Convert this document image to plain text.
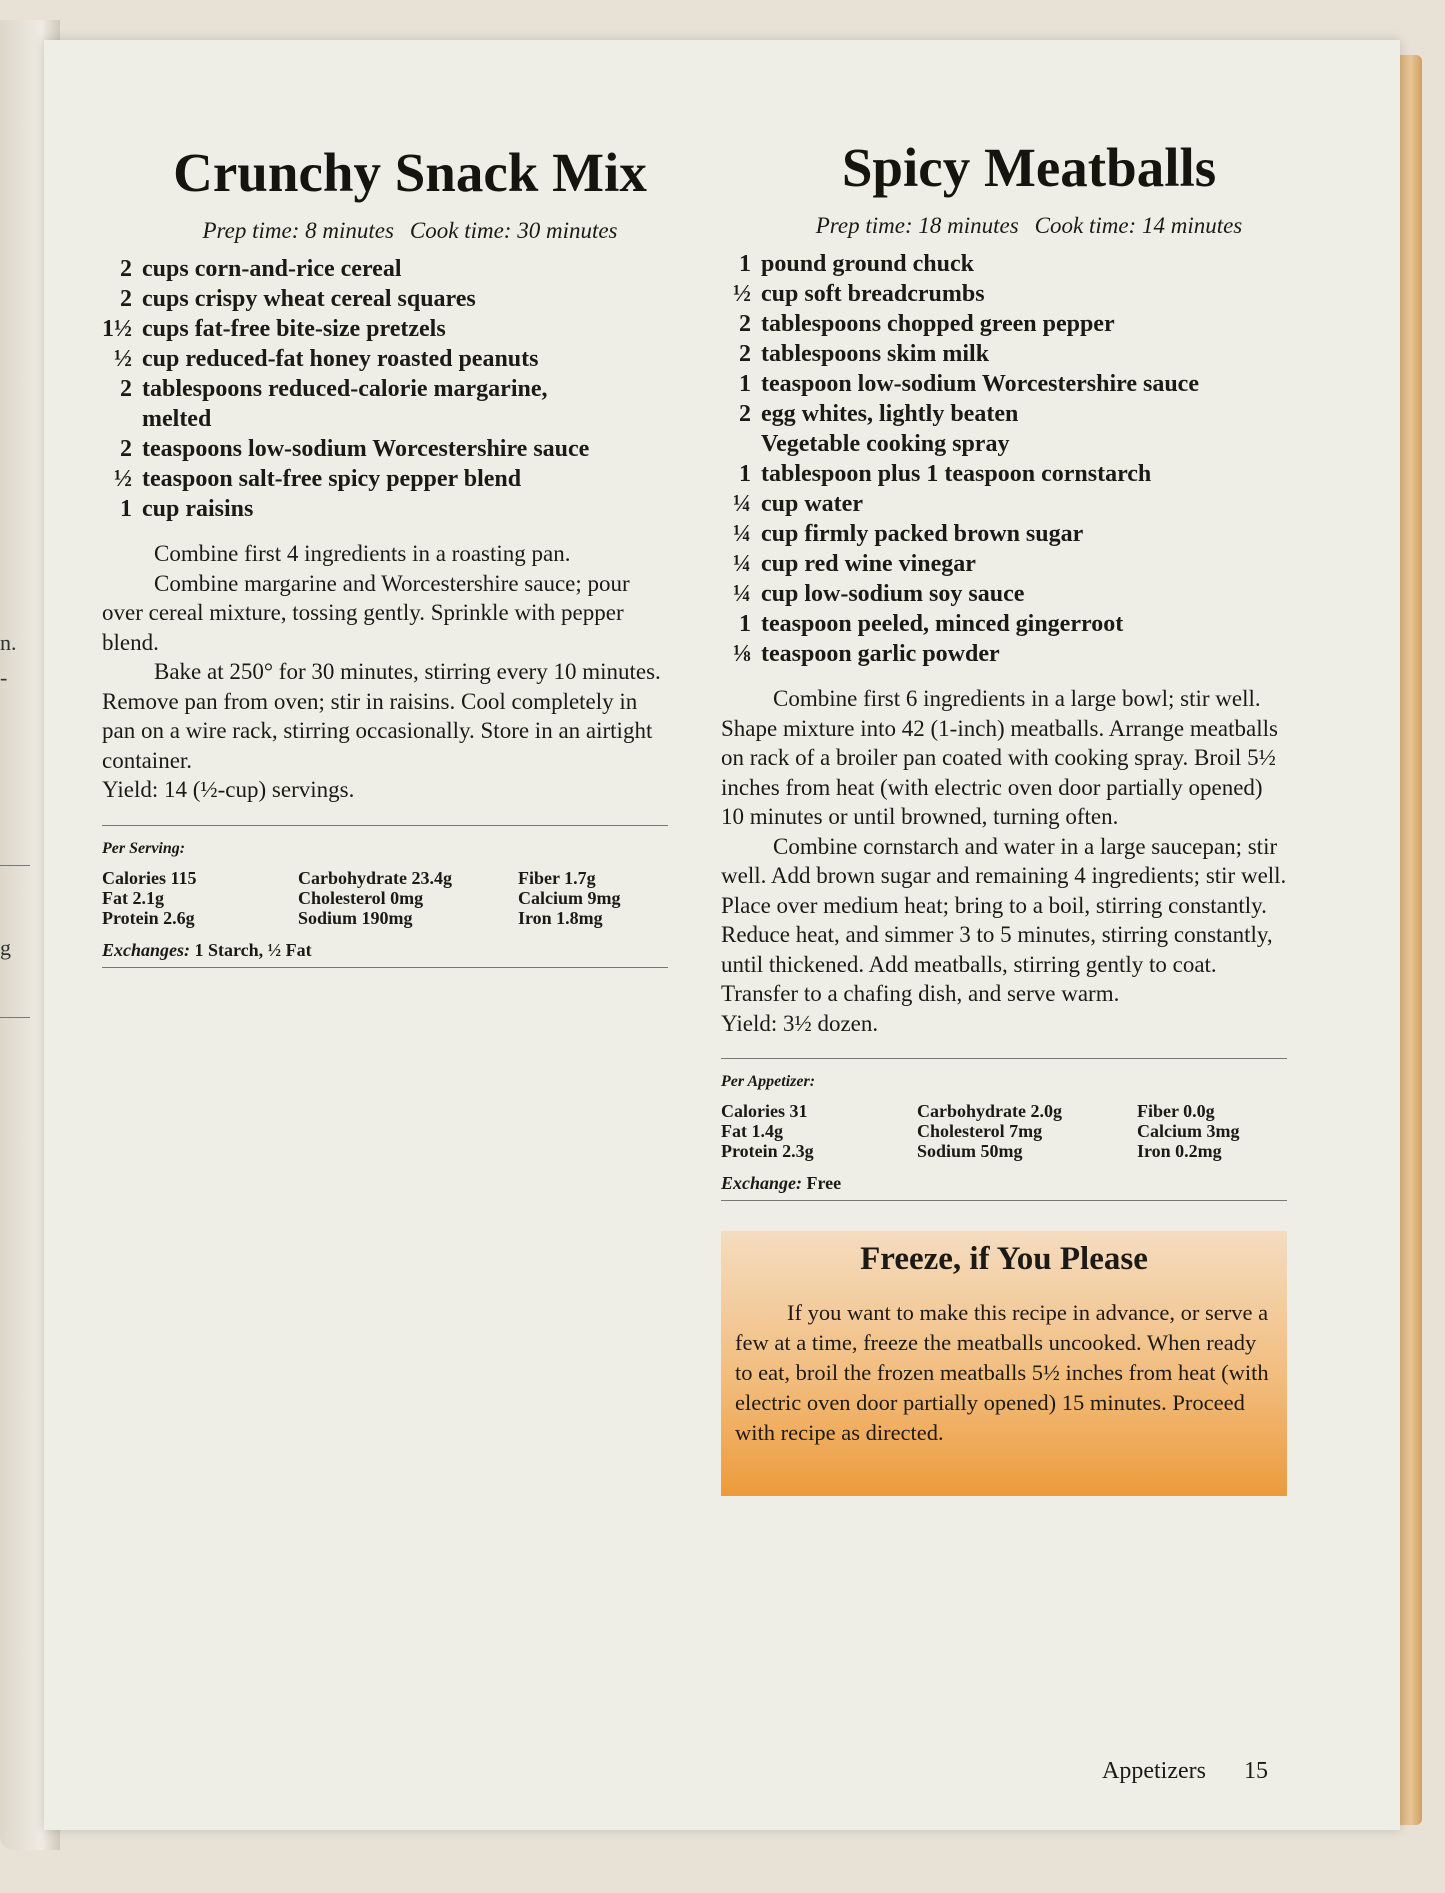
n.
-
g
Crunchy Snack Mix
Prep time: 8 minutes Cook time: 30 minutes
2 cups corn-and-rice cereal
2 cups crispy wheat cereal squares
1½ cups fat-free bite-size pretzels
½ cup reduced-fat honey roasted peanuts
2 tablespoons reduced-calorie margarine, melted
2 teaspoons low-sodium Worcestershire sauce
½ teaspoon salt-free spicy pepper blend
1 cup raisins

Combine first 4 ingredients in a roasting pan.

Combine margarine and Worcestershire sauce; pour over cereal mixture, tossing gently. Sprinkle with pepper blend.

Bake at 250° for 30 minutes, stirring every 10 minutes. Remove pan from oven; stir in raisins. Cool completely in pan on a wire rack, stirring occasionally. Store in an airtight container.

Yield: 14 (½-cup) servings.

Per Serving:
Calories 115
Fat 2.1g
Protein 2.6g
Carbohydrate 23.4g
Cholesterol 0mg
Sodium 190mg
Fiber 1.7g
Calcium 9mg
Iron 1.8mg
Exchanges: 1 Starch, ½ Fat
Spicy Meatballs
Prep time: 18 minutes Cook time: 14 minutes
1 pound ground chuck
½ cup soft breadcrumbs
2 tablespoons chopped green pepper
2 tablespoons skim milk
1 teaspoon low-sodium Worcestershire sauce
2 egg whites, lightly beaten
Vegetable cooking spray
1 tablespoon plus 1 teaspoon cornstarch
¼ cup water
¼ cup firmly packed brown sugar
¼ cup red wine vinegar
¼ cup low-sodium soy sauce
1 teaspoon peeled, minced gingerroot
⅛ teaspoon garlic powder

Combine first 6 ingredients in a large bowl; stir well. Shape mixture into 42 (1-inch) meatballs. Arrange meatballs on rack of a broiler pan coated with cooking spray. Broil 5½ inches from heat (with electric oven door partially opened) 10 minutes or until browned, turning often.

Combine cornstarch and water in a large saucepan; stir well. Add brown sugar and remaining 4 ingredients; stir well. Place over medium heat; bring to a boil, stirring constantly. Reduce heat, and simmer 3 to 5 minutes, stirring constantly, until thickened. Add meatballs, stirring gently to coat. Transfer to a chafing dish, and serve warm.

Yield: 3½ dozen.

Per Appetizer:
Calories 31
Fat 1.4g
Protein 2.3g
Carbohydrate 2.0g
Cholesterol 7mg
Sodium 50mg
Fiber 0.0g
Calcium 3mg
Iron 0.2mg
Exchange: Free
Freeze, if You Please

If you want to make this recipe in advance, or serve a few at a time, freeze the meatballs uncooked. When ready to eat, broil the frozen meatballs 5½ inches from heat (with electric oven door partially opened) 15 minutes. Proceed with recipe as directed.

Appetizers 15
